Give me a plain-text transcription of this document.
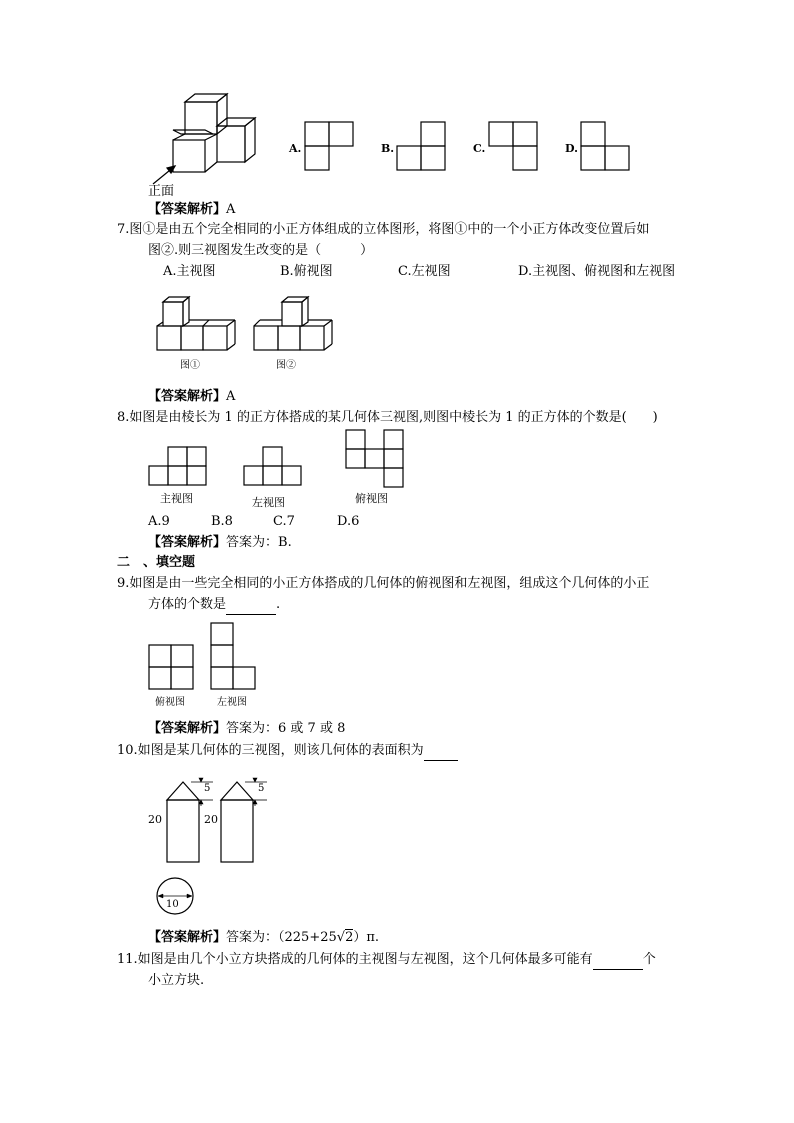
正面
A.	B.	C.	D.
【答案解析】A
7.图①是由五个完全相同的小正方体组成的立体图形，将图①中的一个小正方体改变位置后如
图②.则三视图发生改变的是（　　　）
A.主视图	B.俯视图	C.左视图	D.主视图、俯视图和左视图
图①	图②
【答案解析】A
8.如图是由棱长为 1 的正方体搭成的某几何体三视图,则图中棱长为 1 的正方体的个数是(　　)
主视图	左视图	俯视图
A.9	B.8	C.7	D.6
【答案解析】答案为：B.
二　、填空题
9.如图是由一些完全相同的小正方体搭成的几何体的俯视图和左视图，组成这个几何体的小正
方体的个数是	.
俯视图	左视图
【答案解析】答案为：6 或 7 或 8
10.如图是某几何体的三视图，则该几何体的表面积为
20
5
20
5
10
【答案解析】答案为：（225+25√2）π.
11.如图是由几个小立方块搭成的几何体的主视图与左视图，这个几何体最多可能有	个
小立方块.
